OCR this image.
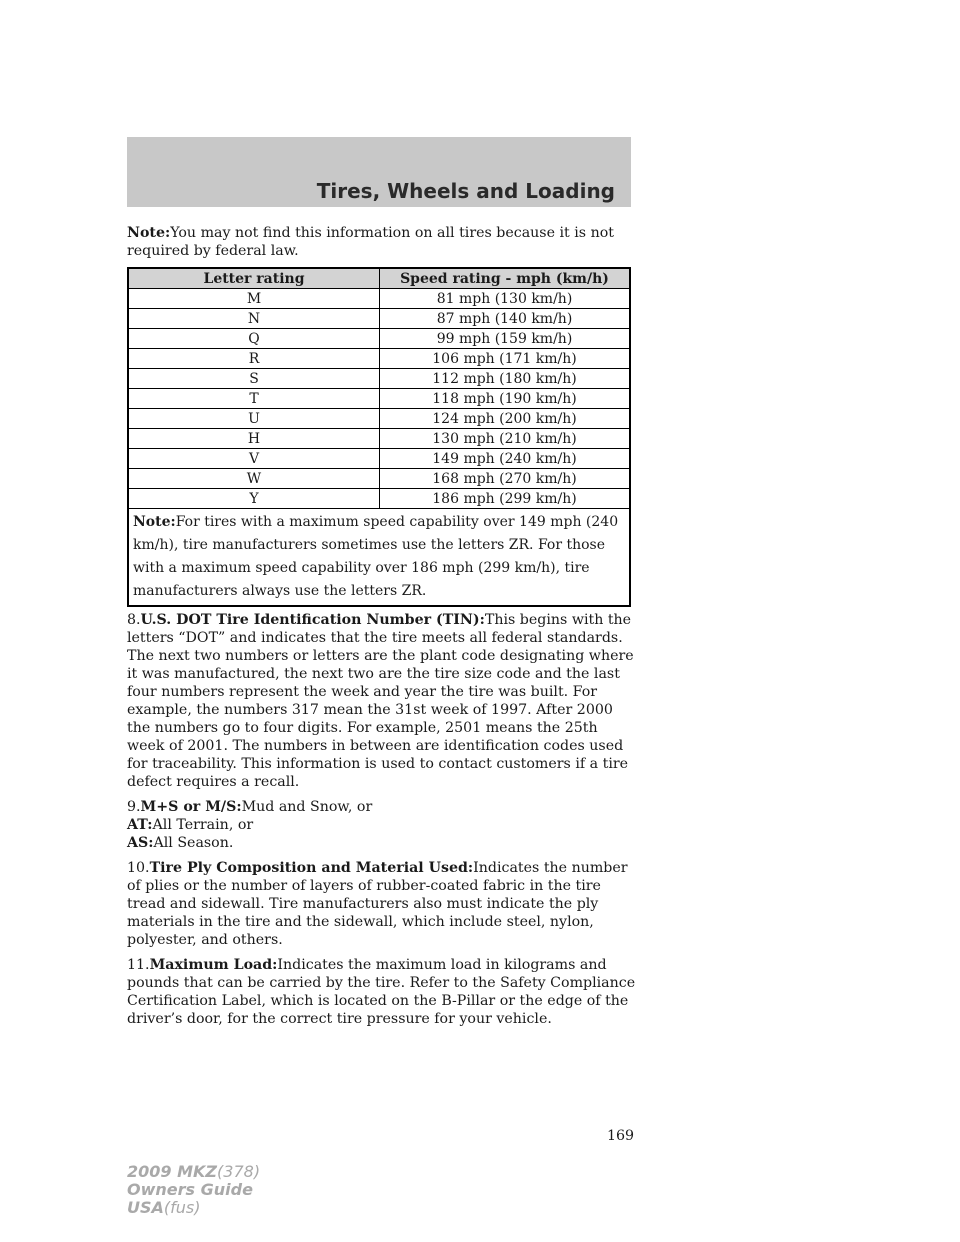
Tires, Wheels and Loading

Note:You may not find this information on all tires because it is not required by federal law.

Letter rating	Speed rating - mph (km/h)
M	81 mph (130 km/h)
N	87 mph (140 km/h)
Q	99 mph (159 km/h)
R	106 mph (171 km/h)
S	112 mph (180 km/h)
T	118 mph (190 km/h)
U	124 mph (200 km/h)
H	130 mph (210 km/h)
V	149 mph (240 km/h)
W	168 mph (270 km/h)
Y	186 mph (299 km/h)
Note:For tires with a maximum speed capability over 149 mph (240 km/h), tire manufacturers sometimes use the letters ZR. For those with a maximum speed capability over 186 mph (299 km/h), tire manufacturers always use the letters ZR.	

8.U.S. DOT Tire Identification Number (TIN):This begins with the letters “DOT” and indicates that the tire meets all federal standards. The next two numbers or letters are the plant code designating where it was manufactured, the next two are the tire size code and the last four numbers represent the week and year the tire was built. For example, the numbers 317 mean the 31st week of 1997. After 2000 the numbers go to four digits. For example, 2501 means the 25th week of 2001. The numbers in between are identification codes used for traceability. This information is used to contact customers if a tire defect requires a recall.

9.M+S or M/S:Mud and Snow, or
AT:All Terrain, or
AS:All Season.

10.Tire Ply Composition and Material Used:Indicates the number of plies or the number of layers of rubber-coated fabric in the tire tread and sidewall. Tire manufacturers also must indicate the ply materials in the tire and the sidewall, which include steel, nylon, polyester, and others.

11.Maximum Load:Indicates the maximum load in kilograms and pounds that can be carried by the tire. Refer to the Safety Compliance Certification Label, which is located on the B-Pillar or the edge of the driver’s door, for the correct tire pressure for your vehicle.

169

2009 MKZ(378)
Owners Guide
USA(fus)
